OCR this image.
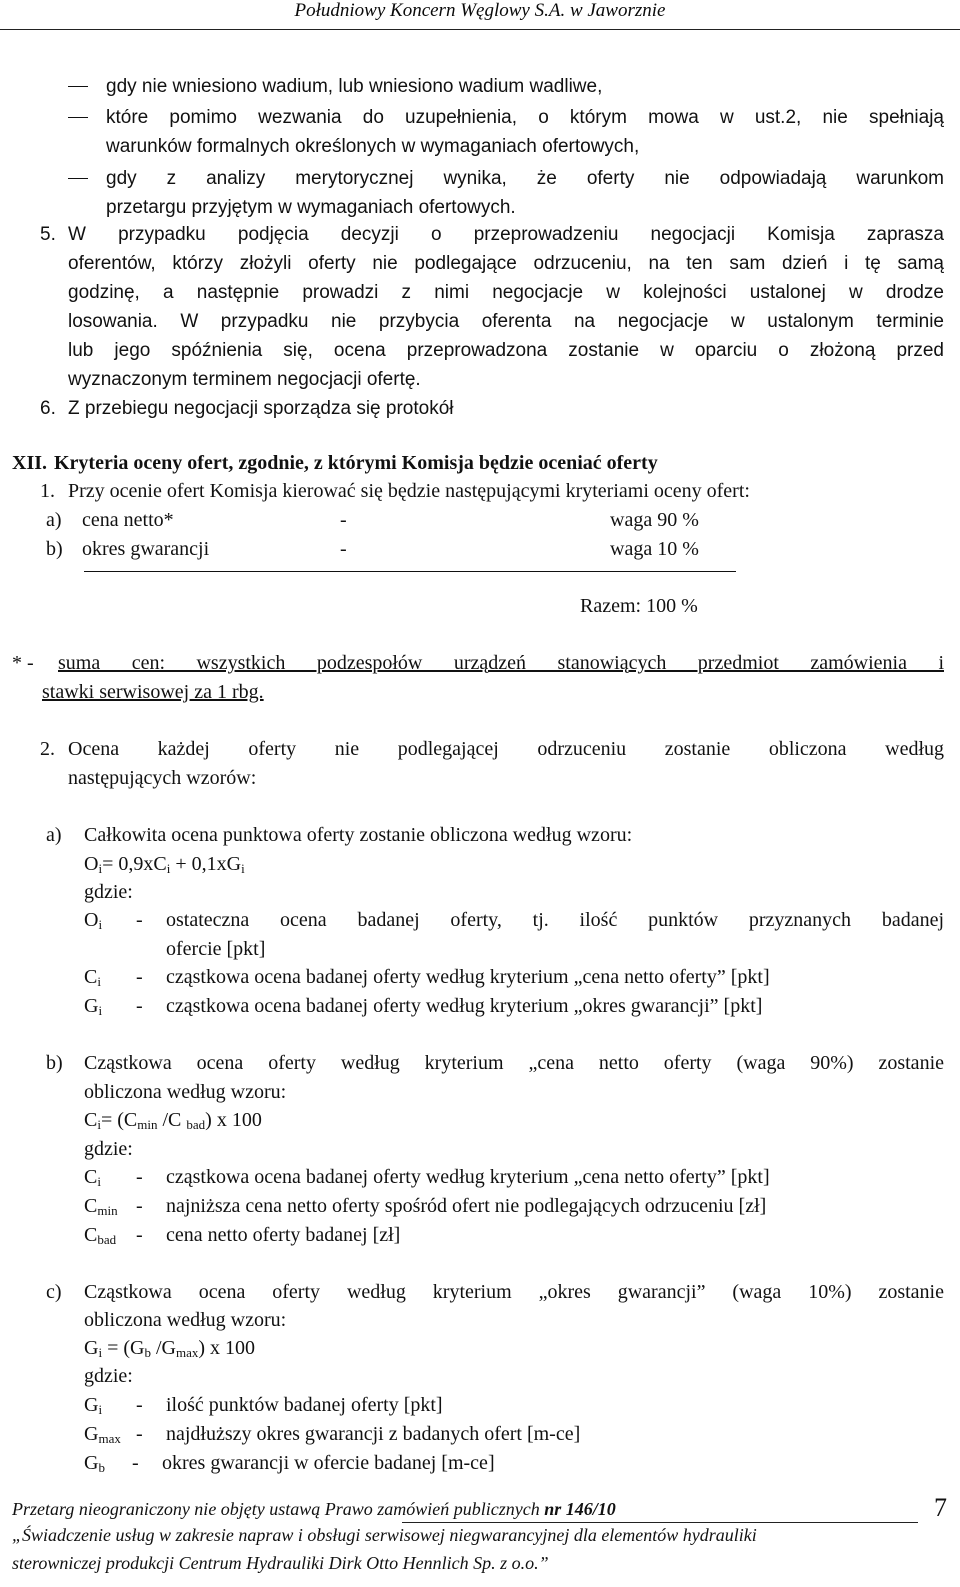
Południowy Koncern Węglowy S.A. w Jaworznie
gdy nie wniesiono wadium, lub wniesiono wadium wadliwe,
które pomimo wezwania do uzupełnienia, o którym mowa w ust.2, nie spełniają
warunków formalnych określonych w wymaganiach ofertowych,
gdy z analizy merytorycznej wynika, że oferty nie odpowiadają warunkom
przetargu przyjętym w wymaganiach ofertowych.
5. W przypadku podjęcia decyzji o przeprowadzeniu negocjacji Komisja zaprasza
oferentów, którzy złożyli oferty nie podlegające odrzuceniu, na ten sam dzień i tę samą
godzinę, a następnie prowadzi z nimi negocjacje w kolejności ustalonej w drodze
losowania. W przypadku nie przybycia oferenta na negocjacje w ustalonym terminie
lub jego spóźnienia się, ocena przeprowadzona zostanie w oparciu o złożoną przed
wyznaczonym terminem negocjacji ofertę.
6. Z przebiegu negocjacji sporządza się protokół
XII. Kryteria oceny ofert, zgodnie, z którymi Komisja będzie oceniać oferty
1. Przy ocenie ofert Komisja kierować się będzie następującymi kryteriami oceny ofert:
a) cena netto*	-	waga 90 %
b) okres gwarancji	-	waga 10 %
Razem: 100 %
* - suma cen: wszystkich podzespołów urządzeń stanowiących przedmiot zamówienia i
stawki serwisowej za 1 rbg.
2. Ocena każdej oferty nie podlegającej odrzuceniu zostanie obliczona według
następujących wzorów:
a) Całkowita ocena punktowa oferty zostanie obliczona według wzoru:
$O_i= 0,9xC_i + 0,1xG_i$
gdzie:
$O_i$ - ostateczna ocena badanej oferty, tj. ilość punktów przyznanych badanej
ofercie [pkt]
$C_i$ - cząstkowa ocena badanej oferty według kryterium „cena netto oferty” [pkt]
$G_i$ - cząstkowa ocena badanej oferty według kryterium „okres gwarancji” [pkt]
b) Cząstkowa ocena oferty według kryterium „cena netto oferty (waga 90%) zostanie
obliczona według wzoru:
$C_i= (C_{min}$ /C $_{bad}$) x 100
gdzie:
$C_i$ - cząstkowa ocena badanej oferty według kryterium „cena netto oferty” [pkt]
$C_{min}$ - najniższa cena netto oferty spośród ofert nie podlegających odrzuceniu [zł]
$C_{bad}$ - cena netto oferty badanej [zł]
c) Cząstkowa ocena oferty według kryterium „okres gwarancji” (waga 10%) zostanie
obliczona według wzoru:
$G_i = (G_b$ $/G_{max}$) x 100
gdzie:
$G_i$ - ilość punktów badanej oferty [pkt]
$G_{max}$ - najdłuższy okres gwarancji z badanych ofert [m-ce]
$G_b$ - okres gwarancji w ofercie badanej [m-ce]
Przetarg nieograniczony nie objęty ustawą Prawo zamówień publicznych nr 146/10	7
„Świadczenie usług w zakresie napraw i obsługi serwisowej niegwarancyjnej dla elementów hydrauliki
sterowniczej produkcji Centrum Hydrauliki Dirk Otto Hennlich Sp. z o.o.”
